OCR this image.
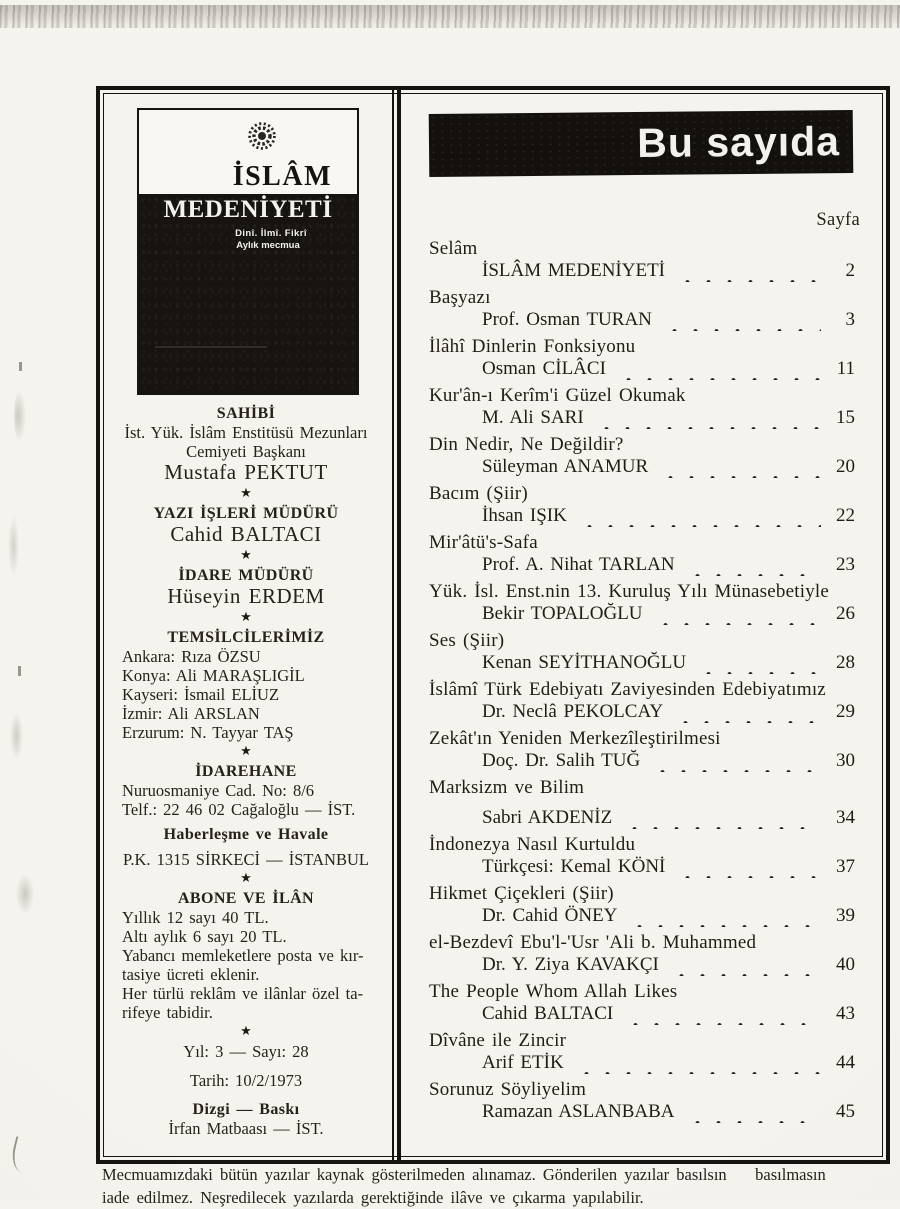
İSLÂM
MEDENİYETİ
Dinî. İlmî. Fikrî
Aylık mecmua
SAHİBİ
İst. Yük. İslâm Enstitüsü Mezunları
Cemiyeti Başkanı
Mustafa PEKTUT
★
YAZI İŞLERİ MÜDÜRÜ
Cahid BALTACI
★
İDARE MÜDÜRÜ
Hüseyin ERDEM
★
TEMSİLCİLERİMİZ
Ankara: Rıza ÖZSU
Konya: Ali MARAŞLIGİL
Kayseri: İsmail ELİUZ
İzmir: Ali ARSLAN
Erzurum: N. Tayyar TAŞ
★
İDAREHANE
Nuruosmaniye Cad. No: 8/6
Telf.: 22 46 02 Cağaloğlu — İST.
Haberleşme ve Havale
P.K. 1315 SİRKECİ — İSTANBUL
★
ABONE VE İLÂN
Yıllık 12 sayı 40 TL.
Altı aylık 6 sayı 20 TL.
Yabancı memleketlere posta ve kır-
tasiye ücreti eklenir.
Her türlü reklâm ve ilânlar özel ta-
rifeye tabidir.
★
Yıl: 3 — Sayı: 28
Tarih: 10/2/1973
Dizgi — Baskı
İrfan Matbaası — İST.
Bu sayıda
Sayfa
Selâm
İSLÂM MEDENİYETİ	2
Başyazı
Prof. Osman TURAN	3
İlâhî Dinlerin Fonksiyonu
Osman CİLÂCI	11
Kur'ân-ı Kerîm'i Güzel Okumak
M. Ali SARI	15
Din Nedir, Ne Değildir?
Süleyman ANAMUR	20
Bacım (Şiir)
İhsan IŞIK	22
Mir'âtü's-Safa
Prof. A. Nihat TARLAN	23
Yük. İsl. Enst.nin 13. Kuruluş Yılı Münasebetiyle
Bekir TOPALOĞLU	26
Ses (Şiir)
Kenan SEYİTHANOĞLU	28
İslâmî Türk Edebiyatı Zaviyesinden Edebiyatımız
Dr. Neclâ PEKOLCAY	29
Zekât'ın Yeniden Merkezîleştirilmesi
Doç. Dr. Salih TUĞ	30
Marksizm ve Bilim
Sabri AKDENİZ	34
İndonezya Nasıl Kurtuldu
Türkçesi: Kemal KÖNİ	37
Hikmet Çiçekleri (Şiir)
Dr. Cahid ÖNEY	39
el-Bezdevî Ebu'l-'Usr 'Ali b. Muhammed
Dr. Y. Ziya KAVAKÇI	40
The People Whom Allah Likes
Cahid BALTACI	43
Dîvâne ile Zincir
Arif ETİK	44
Sorunuz Söyliyelim
Ramazan ASLANBABA	45
Mecmuamızdaki bütün yazılar kaynak gösterilmeden alınamaz. Gönderilen yazılar basılsın    basılmasın
iade edilmez. Neşredilecek yazılarda gerektiğinde ilâve ve çıkarma yapılabilir.
